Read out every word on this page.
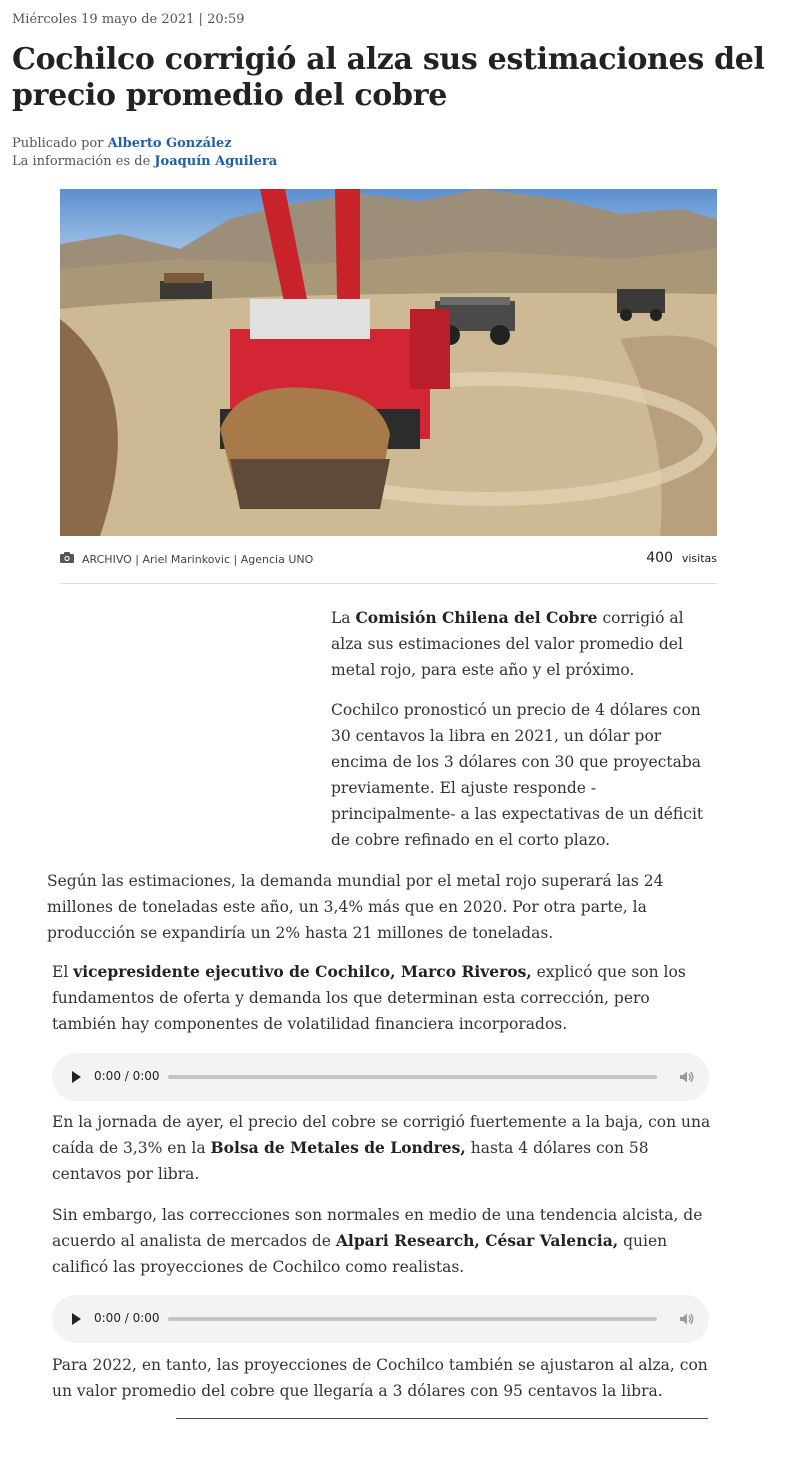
Miércoles 19 mayo de 2021 | 20:59
Cochilco corrigió al alza sus estimaciones del precio promedio del cobre
Publicado por Alberto González
La información es de Joaquín Aguilera
ARCHIVO | Ariel Marinkovic | Agencia UNO	400 visitas

La Comisión Chilena del Cobre corrigió al alza sus estimaciones del valor promedio del metal rojo, para este año y el próximo.

Cochilco pronosticó un precio de 4 dólares con 30 centavos la libra en 2021, un dólar por encima de los 3 dólares con 30 que proyectaba previamente. El ajuste responde -principalmente- a las expectativas de un déficit de cobre refinado en el corto plazo.

Según las estimaciones, la demanda mundial por el metal rojo superará las 24 millones de toneladas este año, un 3,4% más que en 2020. Por otra parte, la producción se expandiría un 2% hasta 21 millones de toneladas.

El vicepresidente ejecutivo de Cochilco, Marco Riveros, explicó que son los fundamentos de oferta y demanda los que determinan esta corrección, pero también hay componentes de volatilidad financiera incorporados.

0:00 / 0:00

En la jornada de ayer, el precio del cobre se corrigió fuertemente a la baja, con una caída de 3,3% en la Bolsa de Metales de Londres, hasta 4 dólares con 58 centavos por libra.

Sin embargo, las correcciones son normales en medio de una tendencia alcista, de acuerdo al analista de mercados de Alpari Research, César Valencia, quien calificó las proyecciones de Cochilco como realistas.

0:00 / 0:00

Para 2022, en tanto, las proyecciones de Cochilco también se ajustaron al alza, con un valor promedio del cobre que llegaría a 3 dólares con 95 centavos la libra.
